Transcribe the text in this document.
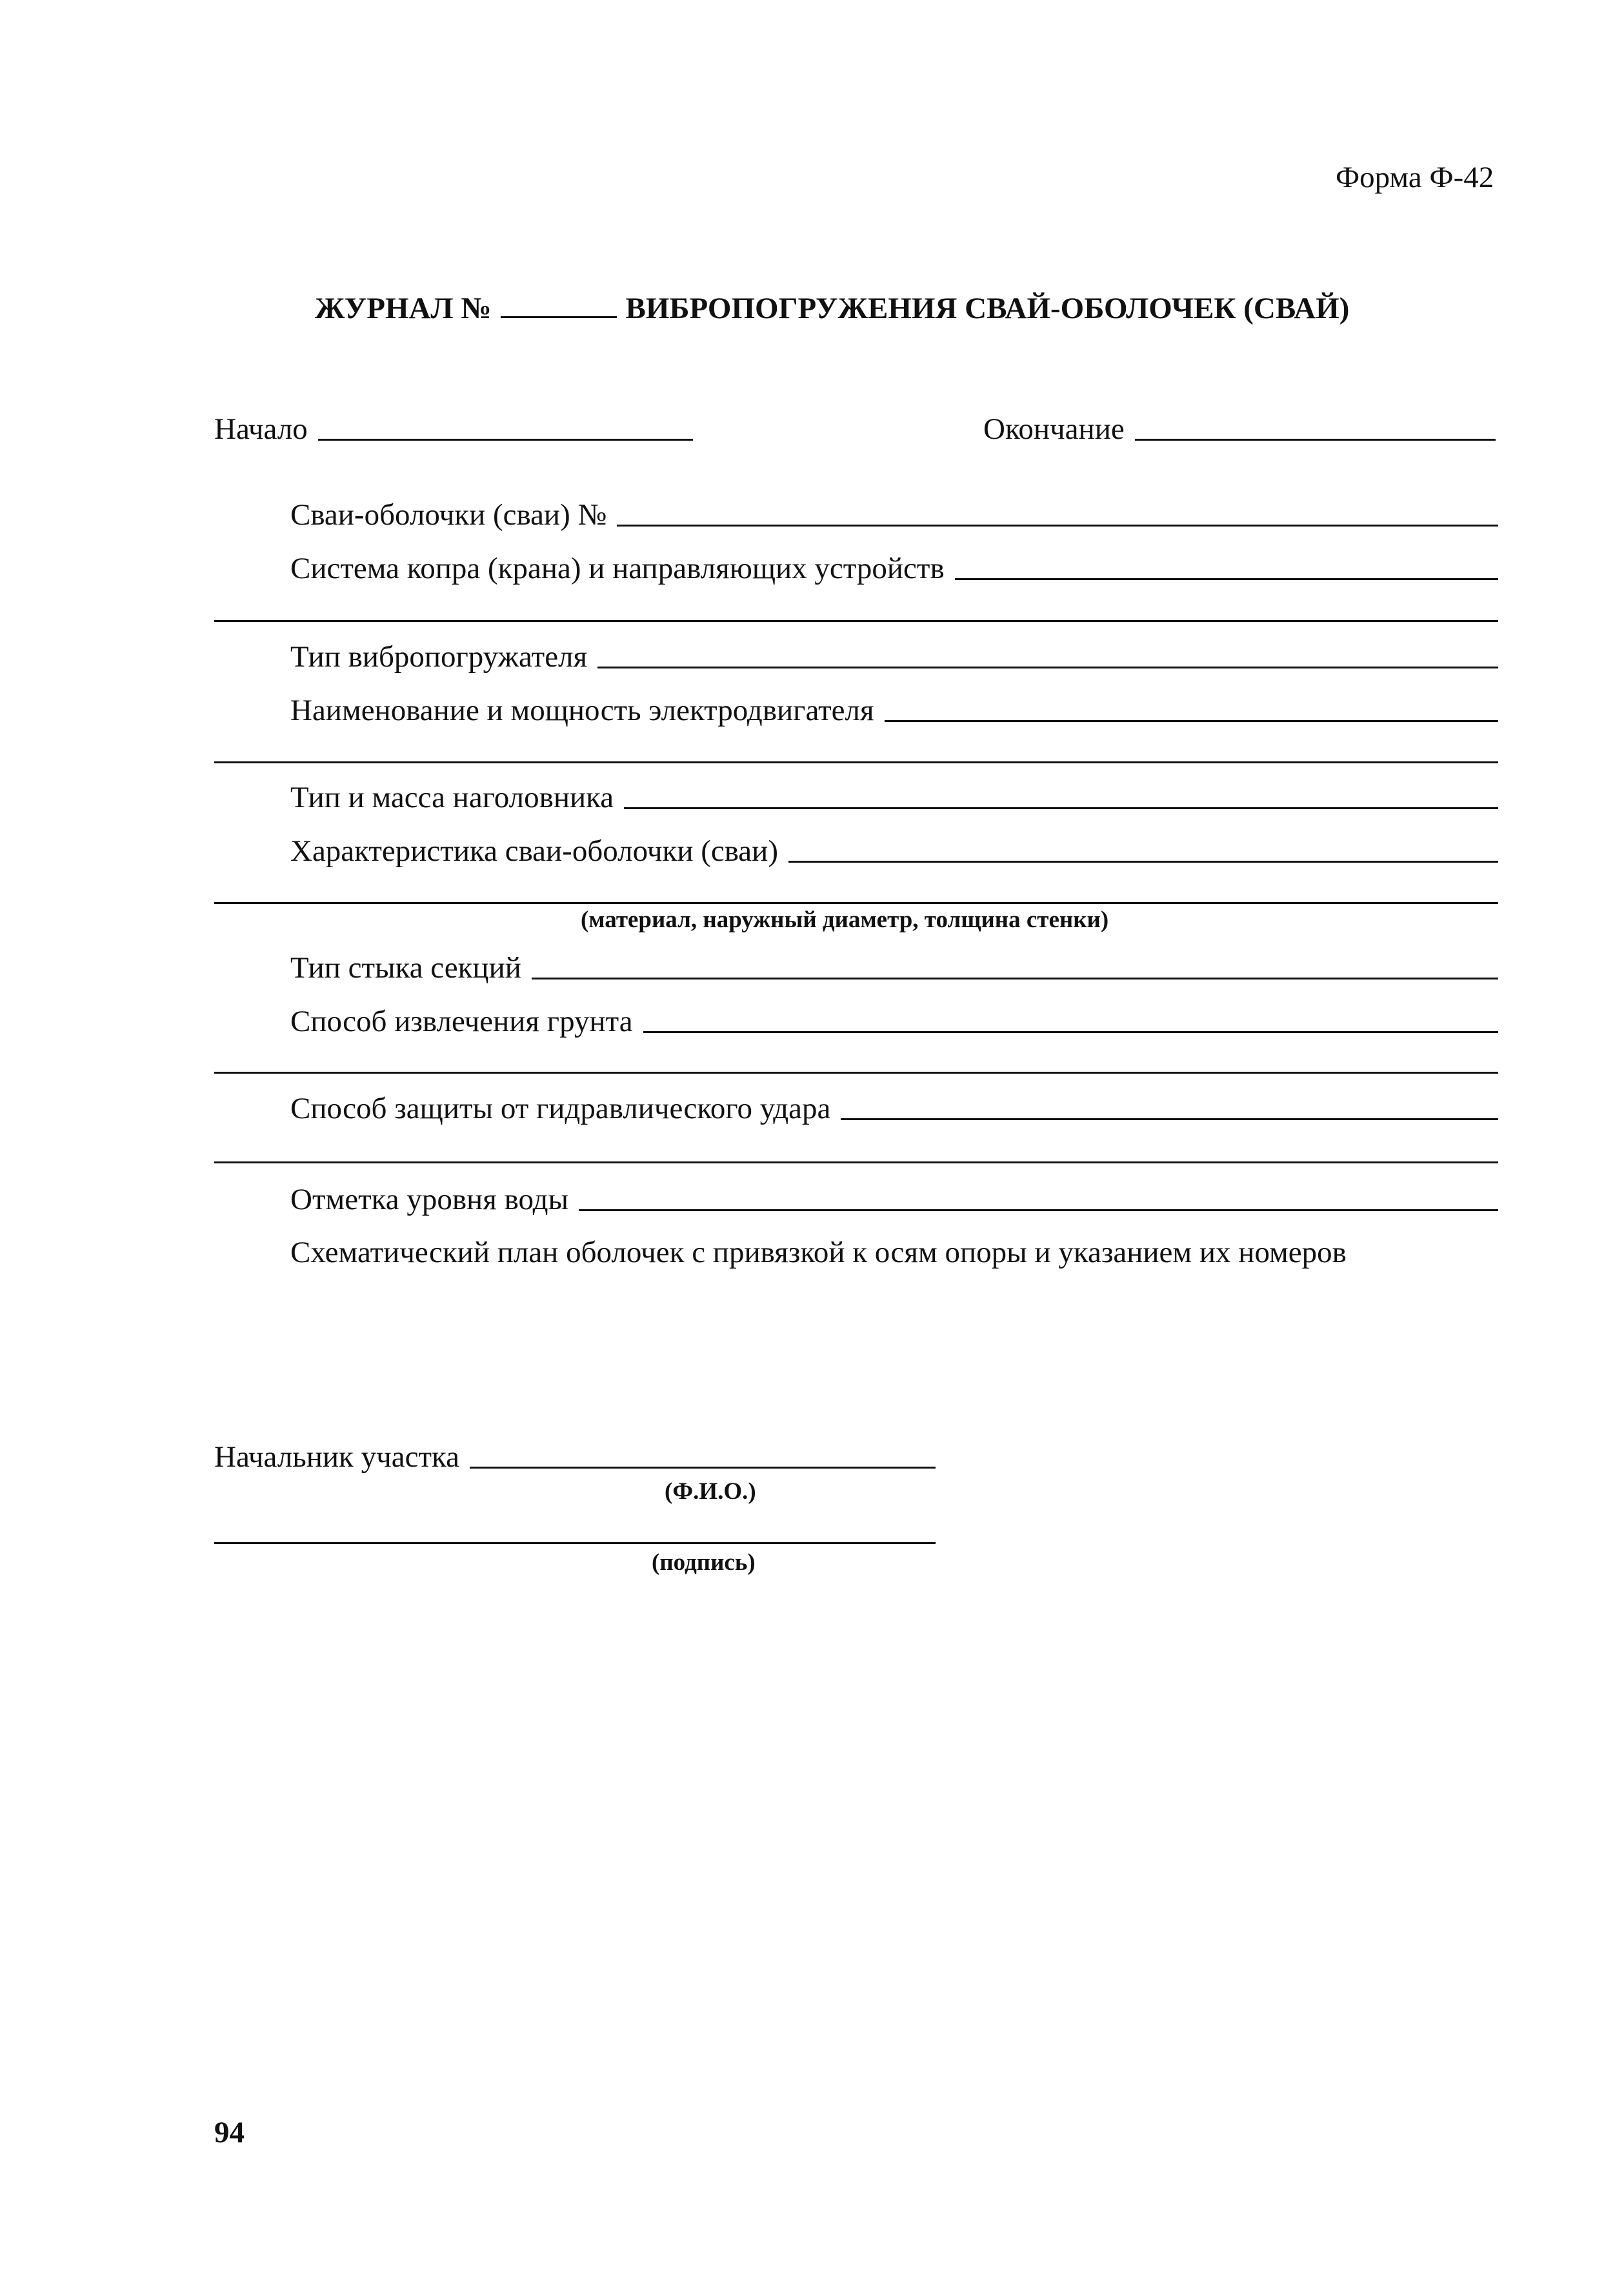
Форма Ф-42
ЖУРНАЛ №	ВИБРОПОГРУЖЕНИЯ СВАЙ-ОБОЛОЧЕК (СВАЙ)
Начало	Окончание
Сваи-оболочки (сваи) №
Система копра (крана) и направляющих устройств
Тип вибропогружателя
Наименование и мощность электродвигателя
Тип и масса наголовника
Характеристика сваи-оболочки (сваи)
(материал, наружный диаметр, толщина стенки)
Тип стыка секций
Способ извлечения грунта
Способ защиты от гидравлического удара
Отметка уровня воды
Схематический план оболочек с привязкой к осям опоры и указанием их номеров
Начальник участка
(Ф.И.О.)
(подпись)
94
